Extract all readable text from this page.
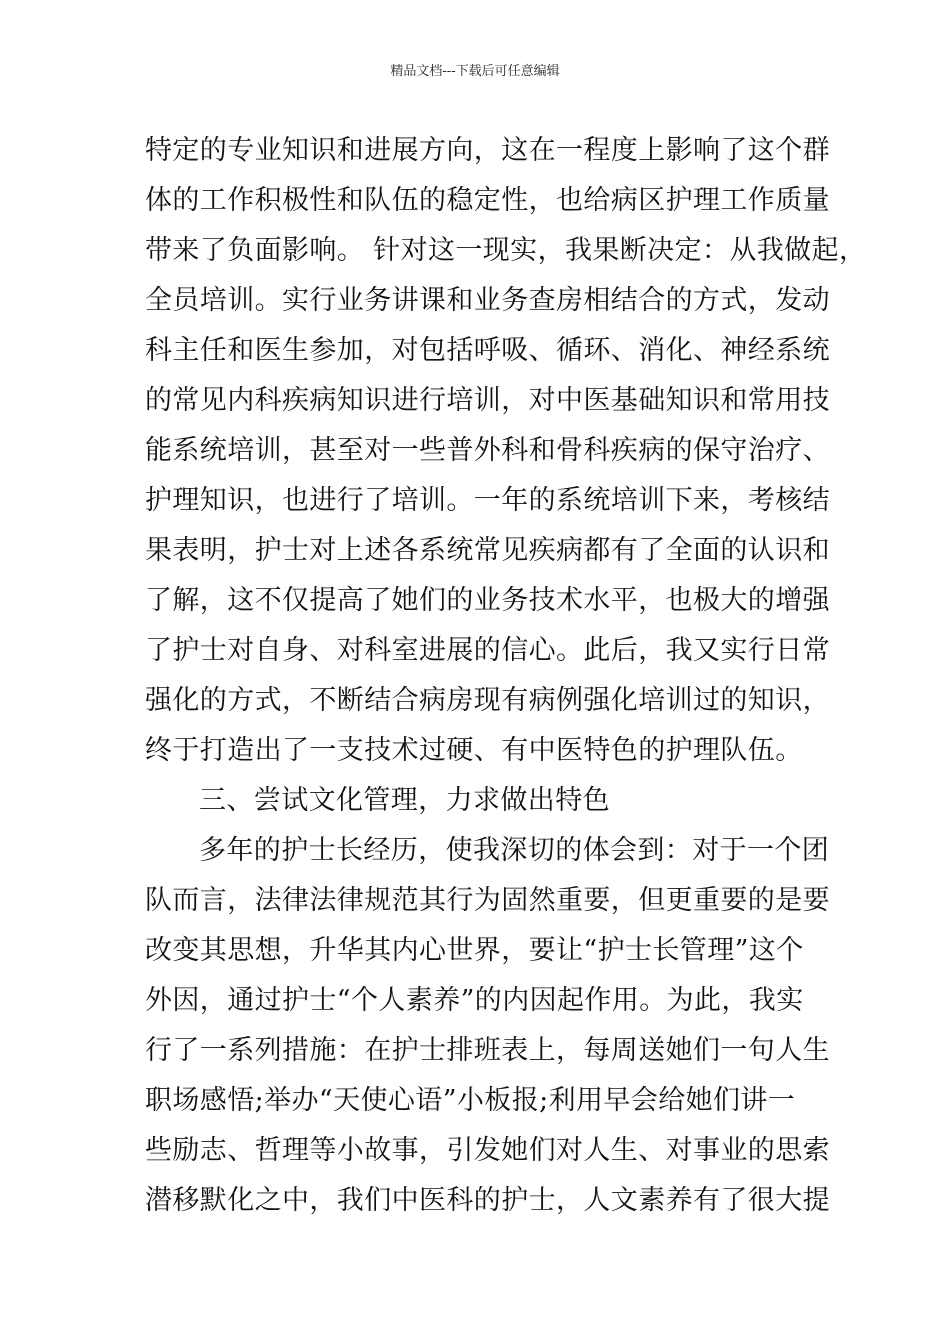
精品文档---下载后可任意编辑
特定的专业知识和进展方向，这在一程度上影响了这个群
体的工作积极性和队伍的稳定性，也给病区护理工作质量
带来了负面影响。 针对这一现实，我果断决定：从我做起，
全员培训。实行业务讲课和业务查房相结合的方式，发动
科主任和医生参加，对包括呼吸、循环、消化、神经系统
的常见内科疾病知识进行培训，对中医基础知识和常用技
能系统培训，甚至对一些普外科和骨科疾病的保守治疗、
护理知识，也进行了培训。一年的系统培训下来，考核结
果表明，护士对上述各系统常见疾病都有了全面的认识和
了解，这不仅提高了她们的业务技术水平，也极大的增强
了护士对自身、对科室进展的信心。此后，我又实行日常
强化的方式，不断结合病房现有病例强化培训过的知识，
终于打造出了一支技术过硬、有中医特色的护理队伍。
三、尝试文化管理，力求做出特色
多年的护士长经历，使我深切的体会到：对于一个团
队而言，法律法律规范其行为固然重要，但更重要的是要
改变其思想，升华其内心世界，要让“护士长管理”这个
外因，通过护士“个人素养”的内因起作用。为此，我实
行了一系列措施：在护士排班表上，每周送她们一句人生
职场感悟;举办“天使心语”小板报;利用早会给她们讲一
些励志、哲理等小故事，引发她们对人生、对事业的思索
潜移默化之中，我们中医科的护士，人文素养有了很大提
